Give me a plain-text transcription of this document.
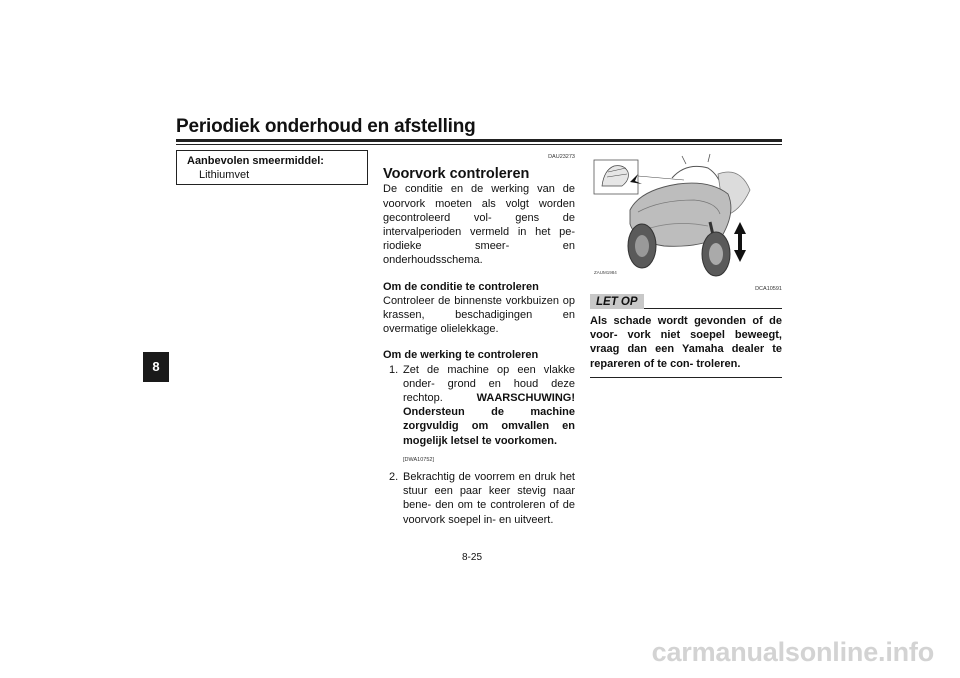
Periodiek onderhoud en afstelling
8
Aanbevolen smeermiddel:
Lithiumvet
DAU23273
Voorvork controleren
De conditie en de werking van de voorvork moeten als volgt worden gecontroleerd vol- gens de intervalperioden vermeld in het pe- riodieke smeer- en onderhoudsschema.
Om de conditie te controleren
Controleer de binnenste vorkbuizen op krassen, beschadigingen en overmatige olielekkage.
Om de werking te controleren
1. Zet de machine op een vlakke onder- grond en houd deze rechtop.	WAARSCHUWING! Ondersteun de machine zorgvuldig om omvallen en mogelijk letsel te voorkomen.
[DWA10752]
2. Bekrachtig de voorrem en druk het stuur een paar keer stevig naar bene- den om te controleren of de voorvork soepel in- en uitveert.
ZAUM1984
DCA10591
LET OP
Als schade wordt gevonden of de voor- vork niet soepel beweegt, vraag dan een Yamaha dealer te repareren of te con- troleren.
8-25
carmanualsonline.info
